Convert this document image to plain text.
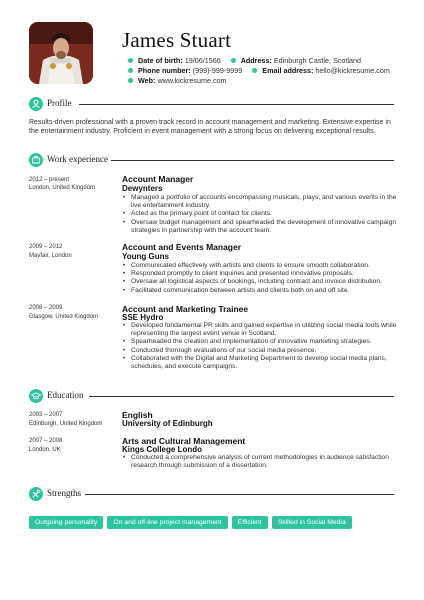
James Stuart
Date of birth: 19/06/1566	Address: Edinburgh Castle, Scotland
Phone number: (999)-999-9999	Email address: hello@kickresume.com
Web: www.kickresume.com
Profile
Results-driven professional with a proven track record in account management and marketing. Extensive expertise in the entertainment industry. Proficient in event management with a strong focus on delivering exceptional results.
Work experience
2012 – present
London, United Kingdom
Account Manager
Dewynters
• Managed a portfolio of accounts encompassing musicals, plays, and various events in the live entertainment industry.
• Acted as the primary point of contact for clients.
• Oversaw budget management and spearheaded the development of innovative campaign strategies in partnership with the account team.
2009 – 2012
Mayfair, London
Account and Events Manager
Young Guns
• Communicated effectively with artists and clients to ensure smooth collaboration.
• Responded promptly to client inquiries and presented innovative proposals.
• Oversaw all logistical aspects of bookings, including contract and invoice distribution.
• Facilitated communication between artists and clients both on and off site.
2008 – 2009
Glasgow, United Kingdom
Account and Marketing Trainee
SSE Hydro
• Developed fundamental PR skills and gained expertise in utilizing social media tools while representing the largest event venue in Scotland.
• Spearheaded the creation and implementation of innovative marketing strategies.
• Conducted thorough evaluations of our social media presence.
• Collaborated with the Digital and Marketing Department to develop social media plans, schedules, and execute campaigns.
Education
2003 – 2007
Edinburgh, United Kingdom
English
University of Edinburgh
2007 – 2008
London, UK
Arts and Cultural Management
Kings College Londo
• Conducted a comprehensive analysis of current methodologies in audience satisfaction research through submission of a dissertation.
Strengths
Outgoing personality On and off-line project management Efficient Skilled in Social Media
